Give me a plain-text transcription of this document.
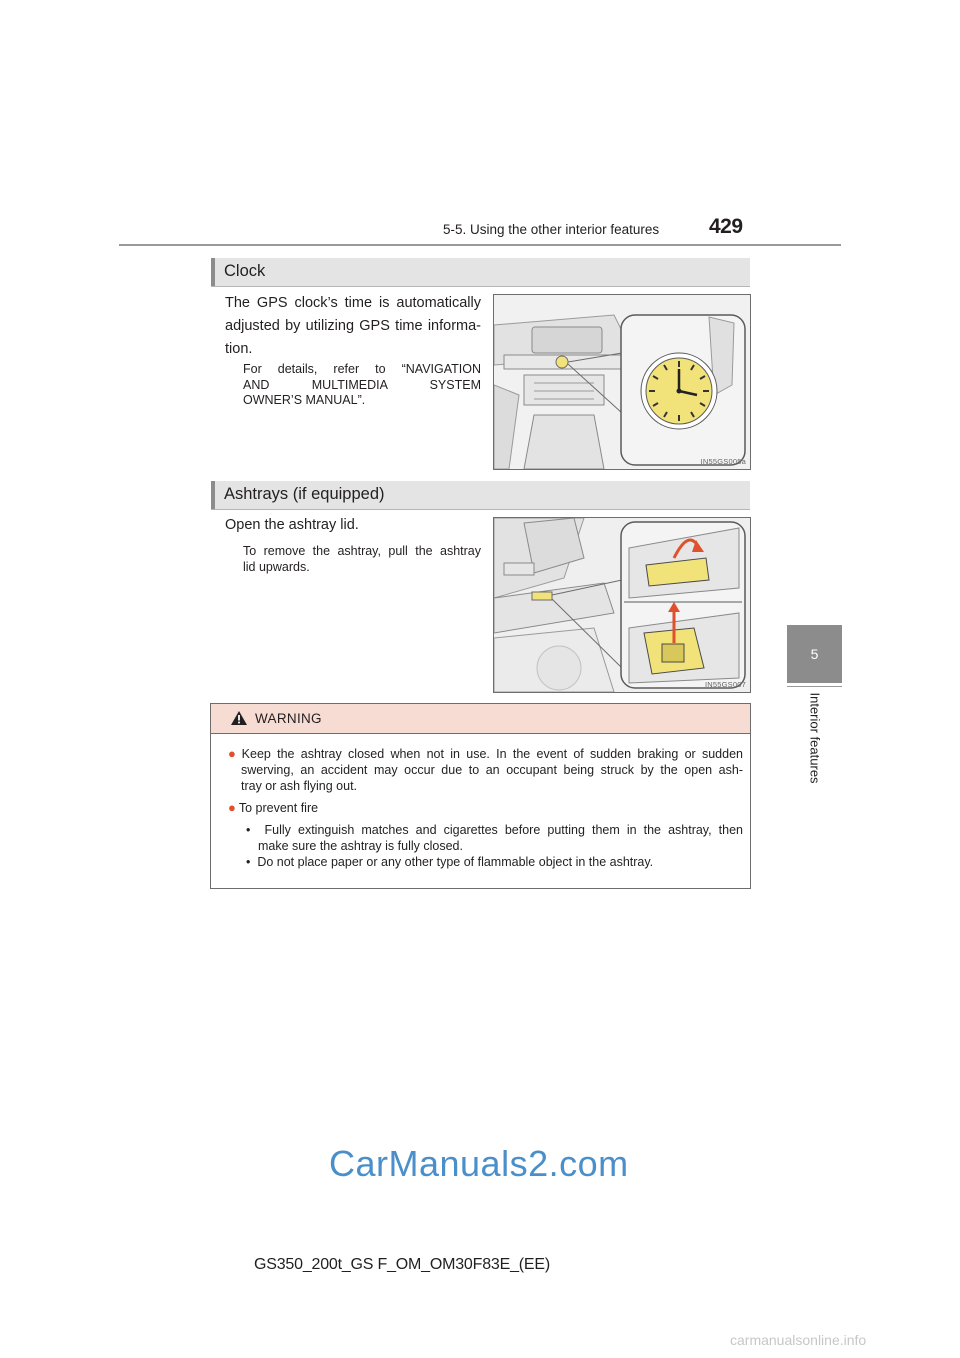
5-5. Using the other interior features 429
5
Interior features
Clock
The GPS clock’s time is automatically
adjusted by utilizing GPS time informa-
tion.
For details, refer to “NAVIGATION
AND MULTIMEDIA SYSTEM
OWNER’S MANUAL”.
IN55GS005a
Ashtrays (if equipped)
Open the ashtray lid.
To remove the ashtray, pull the ashtray
lid upwards.
IN55GS007
WARNING
● Keep the ashtray closed when not in use. In the event of sudden braking or sudden
swerving, an accident may occur due to an occupant being struck by the open ash-
tray or ash flying out.
● To prevent fire
•  Fully extinguish matches and cigarettes before putting them in the ashtray, then
make sure the ashtray is fully closed.
•  Do not place paper or any other type of flammable object in the ashtray.
CarManuals2.com
GS350_200t_GS F_OM_OM30F83E_(EE)
carmanualsonline.info
